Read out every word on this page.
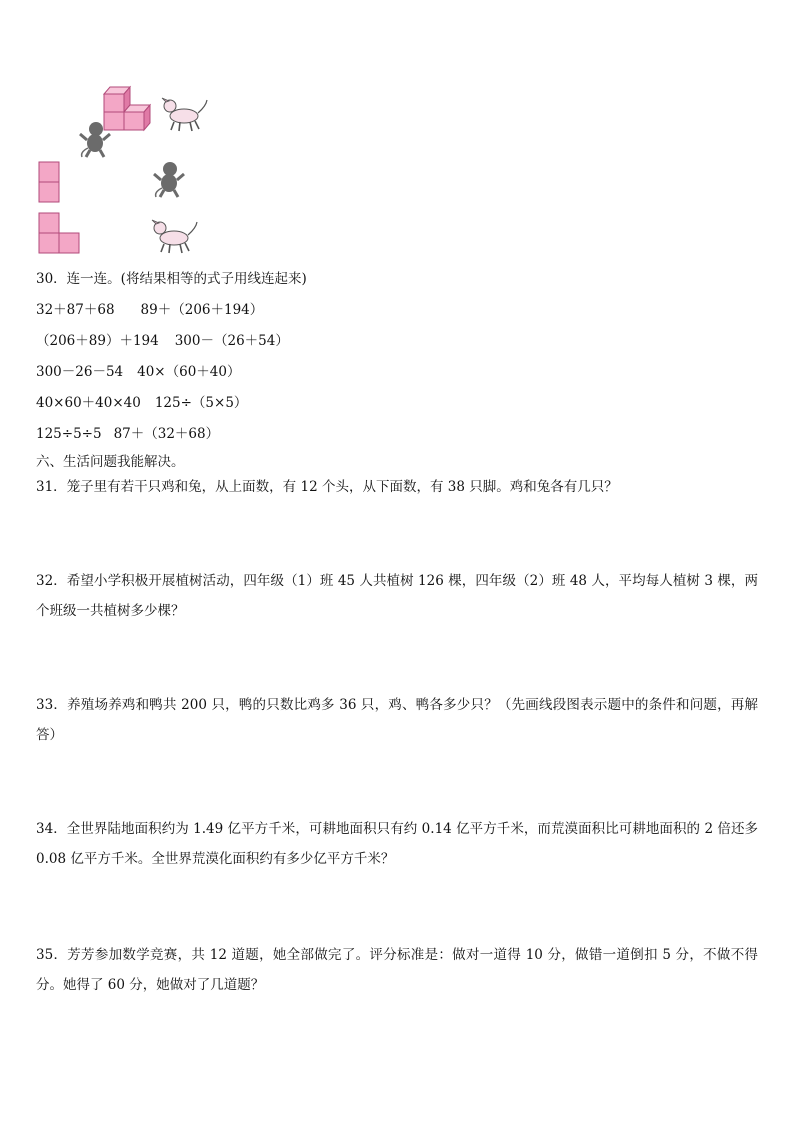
30．连一连。(将结果相等的式子用线连起来)
32＋87＋68 89＋（206＋194）
（206＋89）＋194 300－（26＋54）
300－26－54 40×（60＋40）
40×60＋40×40 125÷（5×5）
125÷5÷5 87＋（32＋68）
六、生活问题我能解决。
31．笼子里有若干只鸡和兔，从上面数，有 12 个头，从下面数，有 38 只脚。鸡和兔各有几只？
32．希望小学积极开展植树活动，四年级（1）班 45 人共植树 126 棵，四年级（2）班 48 人，平均每人植树 3 棵，两个班级一共植树多少棵？
33．养殖场养鸡和鸭共 200 只，鸭的只数比鸡多 36 只，鸡、鸭各多少只？（先画线段图表示题中的条件和问题，再解答）
34．全世界陆地面积约为 1.49 亿平方千米，可耕地面积只有约 0.14 亿平方千米，而荒漠面积比可耕地面积的 2 倍还多 0.08 亿平方千米。全世界荒漠化面积约有多少亿平方千米？
35．芳芳参加数学竞赛，共 12 道题，她全部做完了。评分标准是：做对一道得 10 分，做错一道倒扣 5 分，不做不得分。她得了 60 分，她做对了几道题？
